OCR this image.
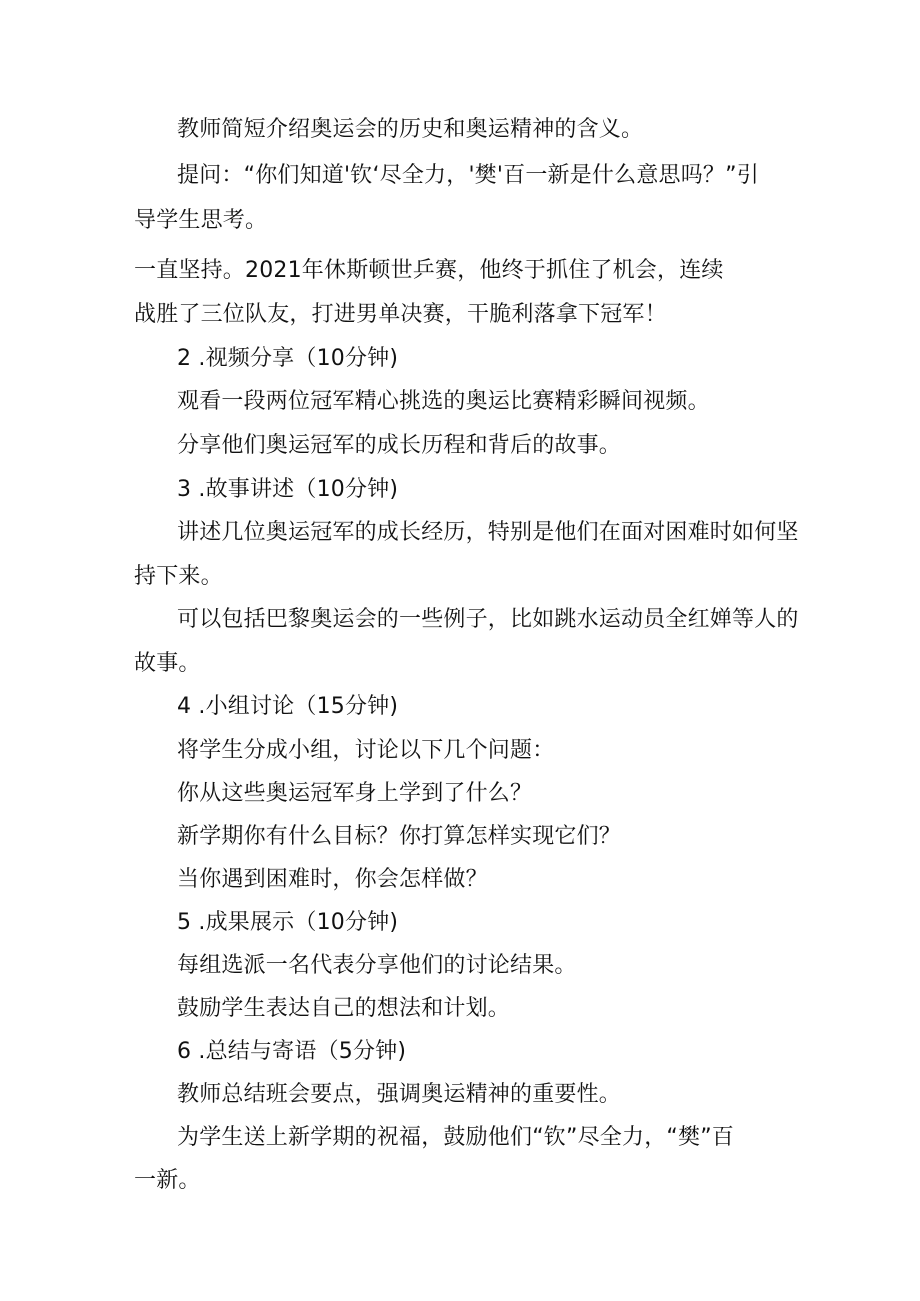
教师简短介绍奥运会的历史和奥运精神的含义。
提问：“你们知道'钦‘尽全力，'樊'百一新是什么意思吗？”引
导学生思考。
一直坚持。2021年休斯顿世乒赛，他终于抓住了机会，连续
战胜了三位队友，打进男单决赛，干脆利落拿下冠军！
2 .视频分享（10分钟)
观看一段两位冠军精心挑选的奥运比赛精彩瞬间视频。
分享他们奥运冠军的成长历程和背后的故事。
3 .故事讲述（10分钟)
讲述几位奥运冠军的成长经历，特别是他们在面对困难时如何坚
持下来。
可以包括巴黎奥运会的一些例子，比如跳水运动员全红婵等人的
故事。
4 .小组讨论（15分钟)
将学生分成小组，讨论以下几个问题：
你从这些奥运冠军身上学到了什么？
新学期你有什么目标？你打算怎样实现它们？
当你遇到困难时，你会怎样做？
5 .成果展示（10分钟)
每组选派一名代表分享他们的讨论结果。
鼓励学生表达自己的想法和计划。
6 .总结与寄语（5分钟)
教师总结班会要点，强调奥运精神的重要性。
为学生送上新学期的祝福，鼓励他们“钦”尽全力，“樊”百
一新。
